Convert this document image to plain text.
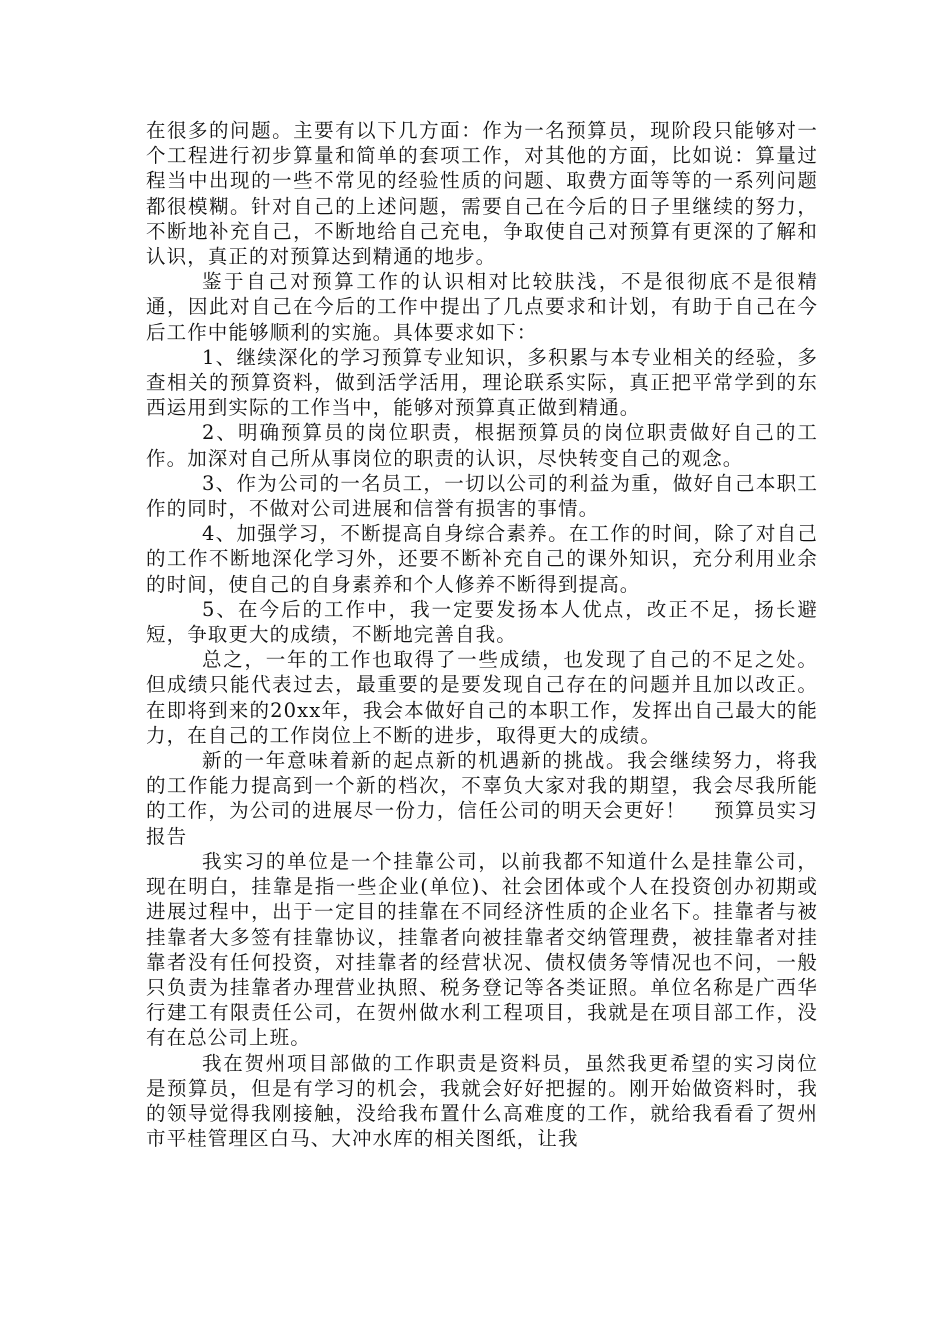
在很多的问题。主要有以下几方面：作为一名预算员，现阶段只能够对一个工程进行初步算量和简单的套项工作，对其他的方面，比如说：算量过程当中出现的一些不常见的经验性质的问题、取费方面等等的一系列问题都很模糊。针对自己的上述问题，需要自己在今后的日子里继续的努力，不断地补充自己，不断地给自己充电，争取使自己对预算有更深的了解和认识，真正的对预算达到精通的地步。

鉴于自己对预算工作的认识相对比较肤浅，不是很彻底不是很精通，因此对自己在今后的工作中提出了几点要求和计划，有助于自己在今后工作中能够顺利的实施。具体要求如下：

1、继续深化的学习预算专业知识，多积累与本专业相关的经验，多查相关的预算资料，做到活学活用，理论联系实际，真正把平常学到的东西运用到实际的工作当中，能够对预算真正做到精通。

2、明确预算员的岗位职责，根据预算员的岗位职责做好自己的工作。加深对自己所从事岗位的职责的认识，尽快转变自己的观念。

3、作为公司的一名员工，一切以公司的利益为重，做好自己本职工作的同时，不做对公司进展和信誉有损害的事情。

4、加强学习，不断提高自身综合素养。在工作的时间，除了对自己的工作不断地深化学习外，还要不断补充自己的课外知识，充分利用业余的时间，使自己的自身素养和个人修养不断得到提高。

5、在今后的工作中，我一定要发扬本人优点，改正不足，扬长避短，争取更大的成绩，不断地完善自我。

总之，一年的工作也取得了一些成绩，也发现了自己的不足之处。但成绩只能代表过去，最重要的是要发现自己存在的问题并且加以改正。在即将到来的20xx年，我会本做好自己的本职工作，发挥出自己最大的能力，在自己的工作岗位上不断的进步，取得更大的成绩。

新的一年意味着新的起点新的机遇新的挑战。我会继续努力，将我的工作能力提高到一个新的档次，不辜负大家对我的期望，我会尽我所能的工作，为公司的进展尽一份力，信任公司的明天会更好！ 预算员实习报告

我实习的单位是一个挂靠公司，以前我都不知道什么是挂靠公司，现在明白，挂靠是指一些企业(单位)、社会团体或个人在投资创办初期或进展过程中，出于一定目的挂靠在不同经济性质的企业名下。挂靠者与被挂靠者大多签有挂靠协议，挂靠者向被挂靠者交纳管理费，被挂靠者对挂靠者没有任何投资，对挂靠者的经营状况、债权债务等情况也不问，一般只负责为挂靠者办理营业执照、税务登记等各类证照。单位名称是广西华行建工有限责任公司，在贺州做水利工程项目，我就是在项目部工作，没有在总公司上班。

我在贺州项目部做的工作职责是资料员，虽然我更希望的实习岗位是预算员，但是有学习的机会，我就会好好把握的。刚开始做资料时，我的领导觉得我刚接触，没给我布置什么高难度的工作，就给我看看了贺州市平桂管理区白马、大冲水库的相关图纸，让我
